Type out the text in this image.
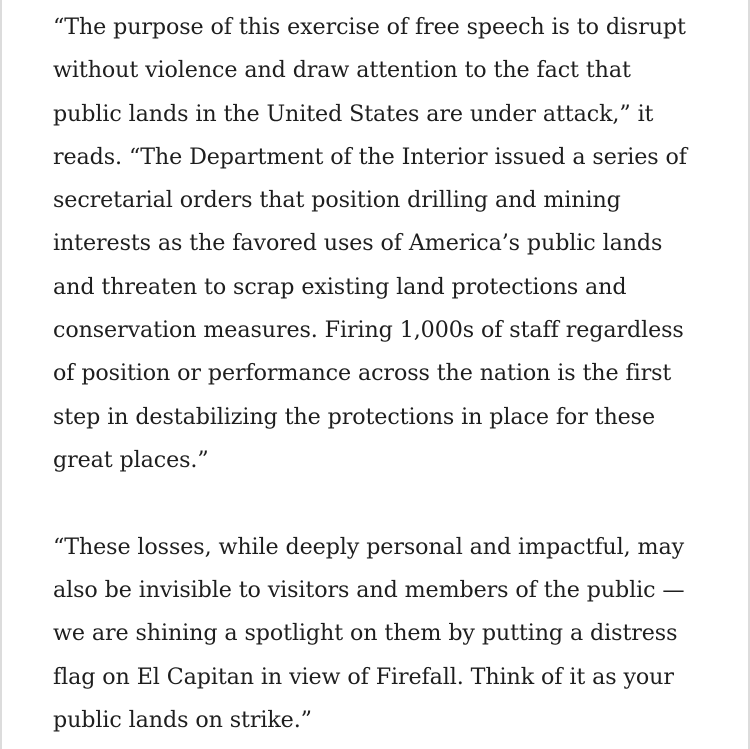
“The purpose of this exercise of free speech is to disrupt
without violence and draw attention to the fact that
public lands in the United States are under attack,” it
reads. “The Department of the Interior issued a series of
secretarial orders that position drilling and mining
interests as the favored uses of America’s public lands
and threaten to scrap existing land protections and
conservation measures. Firing 1,000s of staff regardless
of position or performance across the nation is the first
step in destabilizing the protections in place for these
great places.”

“These losses, while deeply personal and impactful, may
also be invisible to visitors and members of the public —
we are shining a spotlight on them by putting a distress
flag on El Capitan in view of Firefall. Think of it as your
public lands on strike.”
